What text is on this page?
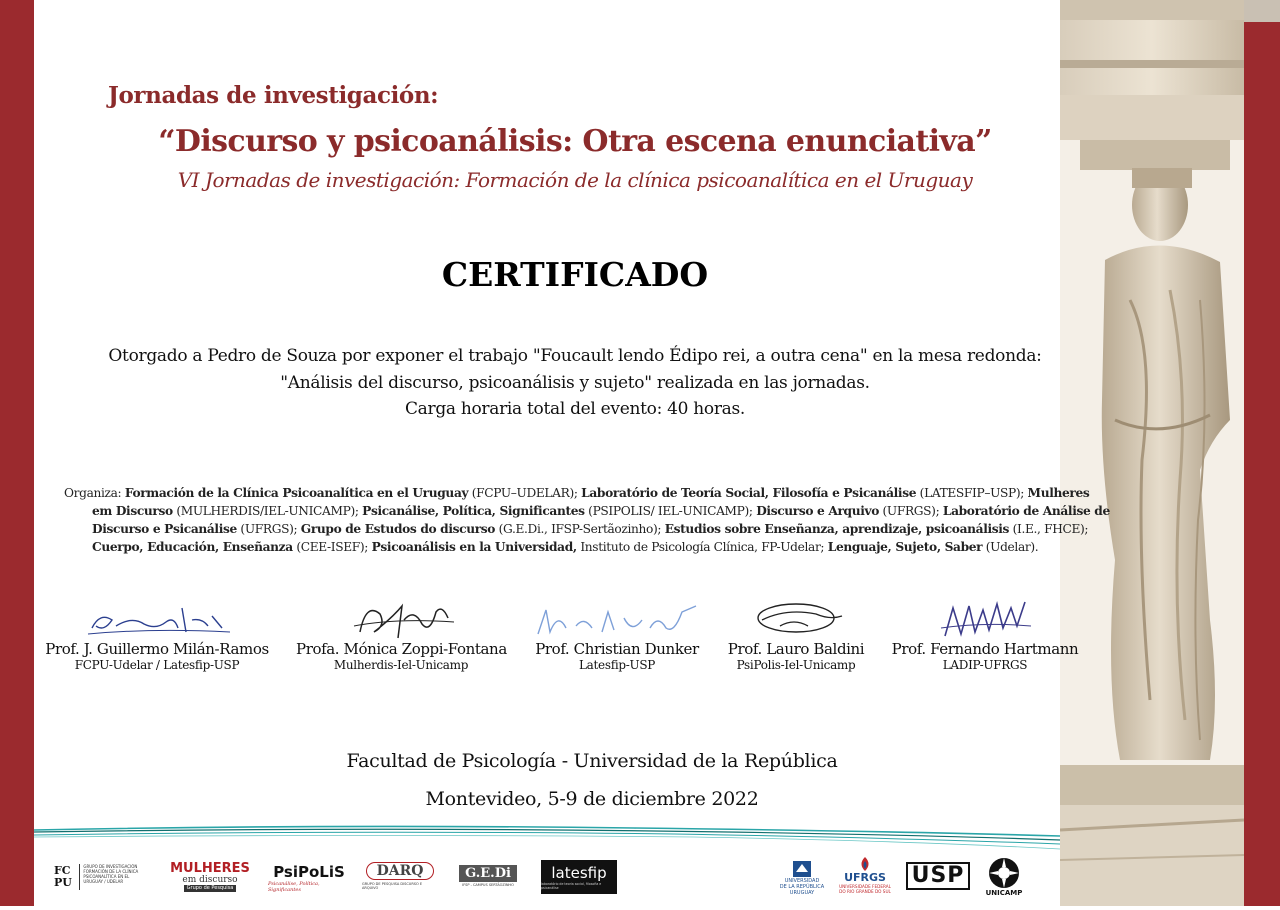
Jornadas de investigación:
“Discurso y psicoanálisis: Otra escena enunciativa”
VI Jornadas de investigación: Formación de la clínica psicoanalítica en el Uruguay
CERTIFICADO
Otorgado a Pedro de Souza por exponer el trabajo "Foucault lendo Édipo rei, a outra cena" en la mesa redonda:
"Análisis del discurso, psicoanálisis y sujeto" realizada en las jornadas.
Carga horaria total del evento: 40 horas.
Organiza: Formación de la Clínica Psicoanalítica en el Uruguay (FCPU–UDELAR); Laboratório de Teoría Social, Filosofía e Psicanálise (LATESFIP–USP); Mulheres
em Discurso (MULHERDIS/IEL-UNICAMP); Psicanálise, Política, Significantes (PSIPOLIS/ IEL-UNICAMP); Discurso e Arquivo (UFRGS); Laboratório de Análise de
Discurso e Psicanálise (UFRGS); Grupo de Estudos do discurso (G.E.Di., IFSP-Sertãozinho); Estudios sobre Enseñanza, aprendizaje, psicoanálisis (I.E., FHCE);
Cuerpo, Educación, Enseñanza (CEE-ISEF); Psicoanálisis en la Universidad, Instituto de Psicología Clínica, FP-Udelar; Lenguaje, Sujeto, Saber (Udelar).
Prof. J. Guillermo Milán-Ramos
FCPU-Udelar / Latesfip-USP
Profa. Mónica Zoppi-Fontana
Mulherdis-Iel-Unicamp
Prof. Christian Dunker
Latesfip-USP
Prof. Lauro Baldini
PsiPolis-Iel-Unicamp
Prof. Fernando Hartmann
LADIP-UFRGS
Facultad de Psicología - Universidad de la República
Montevideo, 5-9 de diciembre 2022
FC PU
GRUPO DE INVESTIGACIÓN FORMACIÓN DE LA CLÍNICA PSICOANALÍTICA EN EL URUGUAY / UDELAR
MULHERES
em discurso
Grupo de Pesquisa
PsiPoLiS
Psicanálise, Política, Significantes
DARQ
GRUPO DE PESQUISA DISCURSO E ARQUIVO
G.E.Di
IFSP - CAMPUS SERTÃOZINHO
latesfip
laboratório de teoria social, filosofia e psicanálise
UNIVERSIDAD
DE LA REPÚBLICA
URUGUAY
UFRGS
UNIVERSIDADE FEDERAL
DO RIO GRANDE DO SUL
USP
UNICAMP
